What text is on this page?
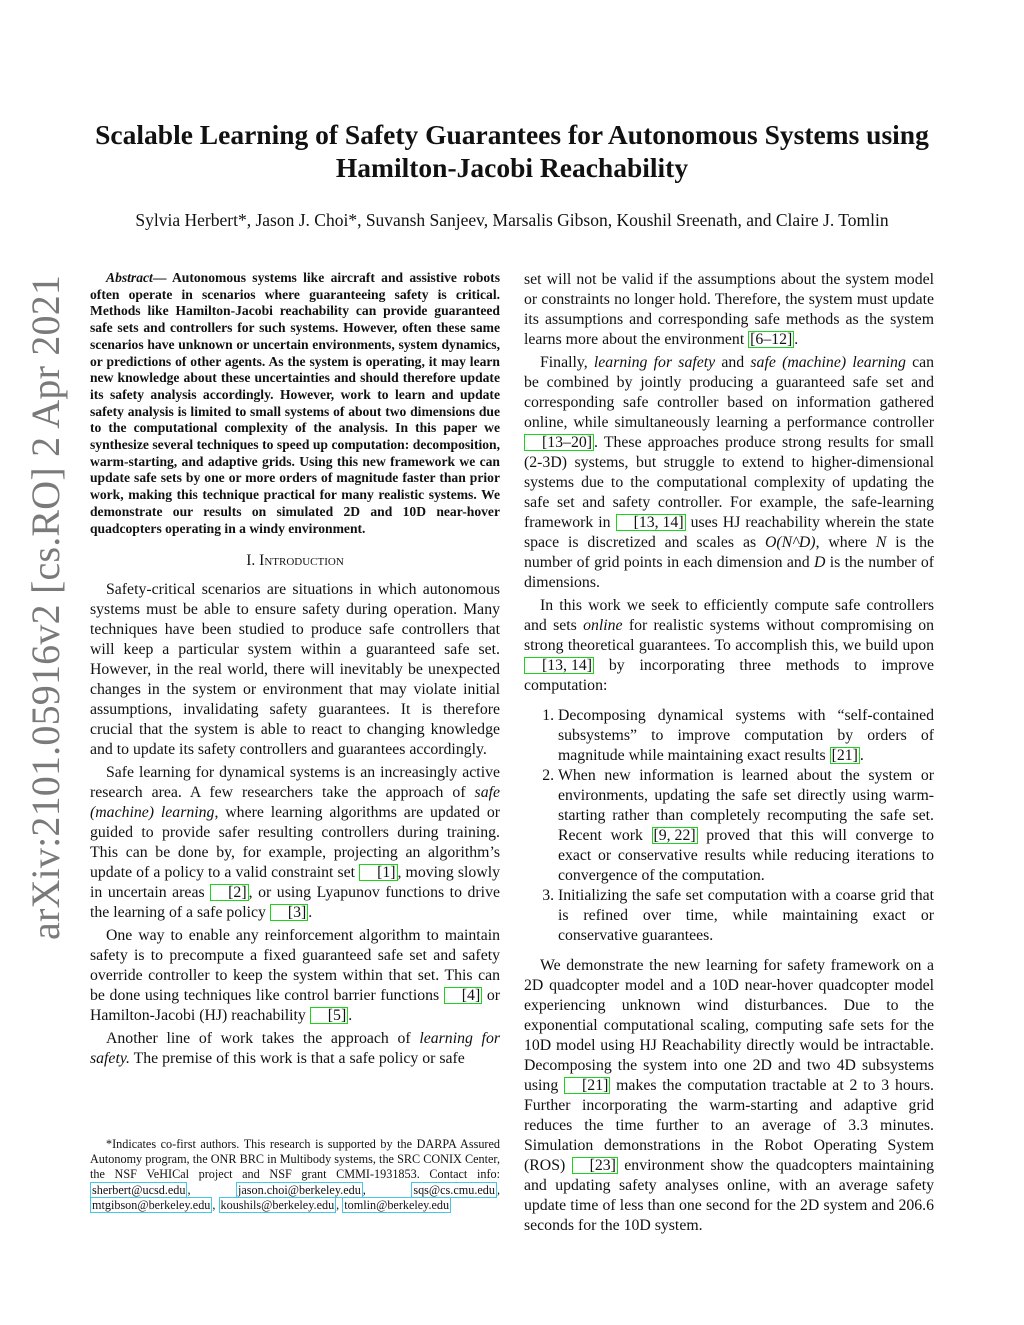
arXiv:2101.05916v2 [cs.RO] 2 Apr 2021
Scalable Learning of Safety Guarantees for Autonomous Systems using
Hamilton-Jacobi Reachability
Sylvia Herbert*, Jason J. Choi*, Suvansh Sanjeev, Marsalis Gibson, Koushil Sreenath, and Claire J. Tomlin

Abstract— Autonomous systems like aircraft and assistive robots often operate in scenarios where guaranteeing safety is critical. Methods like Hamilton-Jacobi reachability can provide guaranteed safe sets and controllers for such systems. However, often these same scenarios have unknown or uncertain environments, system dynamics, or predictions of other agents. As the system is operating, it may learn new knowledge about these uncertainties and should therefore update its safety analysis accordingly. However, work to learn and update safety analysis is limited to small systems of about two dimensions due to the computational complexity of the analysis. In this paper we synthesize several techniques to speed up computation: decomposition, warm-starting, and adaptive grids. Using this new framework we can update safe sets by one or more orders of magnitude faster than prior work, making this technique practical for many realistic systems. We demonstrate our results on simulated 2D and 10D near-hover quadcopters operating in a windy environment.

I. Introduction

Safety-critical scenarios are situations in which autonomous systems must be able to ensure safety during operation. Many techniques have been studied to produce safe controllers that will keep a particular system within a guaranteed safe set. However, in the real world, there will inevitably be unexpected changes in the system or environment that may violate initial assumptions, invalidating safety guarantees. It is therefore crucial that the system is able to react to changing knowledge and to update its safety controllers and guarantees accordingly.

Safe learning for dynamical systems is an increasingly active research area. A few researchers take the approach of safe (machine) learning, where learning algorithms are updated or guided to provide safer resulting controllers during training. This can be done by, for example, projecting an algorithm’s update of a policy to a valid constraint set [1] , moving slowly in uncertain areas [2] , or using Lyapunov functions to drive the learning of a safe policy [3] .

One way to enable any reinforcement algorithm to maintain safety is to precompute a fixed guaranteed safe set and safety override controller to keep the system within that set. This can be done using techniques like control barrier functions [4] or Hamilton-Jacobi (HJ) reachability [5] .

Another line of work takes the approach of learning for safety. The premise of this work is that a safe policy or safe

*Indicates co-first authors. This research is supported by the DARPA Assured Autonomy program, the ONR BRC in Multibody systems, the SRC CONIX Center, the NSF VeHICal project and NSF grant CMMI-1931853. Contact info: sherbert@ucsd.edu , jason.choi@berkeley.edu , sqs@cs.cmu.edu , mtgibson@berkeley.edu , koushils@berkeley.edu , tomlin@berkeley.edu

set will not be valid if the assumptions about the system model or constraints no longer hold. Therefore, the system must update its assumptions and corresponding safe methods as the system learns more about the environment [6–12] .

Finally, learning for safety and safe (machine) learning can be combined by jointly producing a guaranteed safe set and corresponding safe controller based on information gathered online, while simultaneously learning a performance controller [13–20] . These approaches produce strong results for small (2-3D) systems, but struggle to extend to higher-dimensional systems due to the computational complexity of updating the safe set and safety controller. For example, the safe-learning framework in [13, 14] uses HJ reachability wherein the state space is discretized and scales as O(N^D), where N is the number of grid points in each dimension and D is the number of dimensions.

In this work we seek to efficiently compute safe controllers and sets online for realistic systems without compromising on strong theoretical guarantees. To accomplish this, we build upon [13, 14] by incorporating three methods to improve computation:

1. Decomposing dynamical systems with “self-contained subsystems” to improve computation by orders of magnitude while maintaining exact results [21] .
2. When new information is learned about the system or environments, updating the safe set directly using warm-starting rather than completely recomputing the safe set. Recent work [9, 22] proved that this will converge to exact or conservative results while reducing iterations to convergence of the computation.
3. Initializing the safe set computation with a coarse grid that is refined over time, while maintaining exact or conservative guarantees.

We demonstrate the new learning for safety framework on a 2D quadcopter model and a 10D near-hover quadcopter model experiencing unknown wind disturbances. Due to the exponential computational scaling, computing safe sets for the 10D model using HJ Reachability directly would be intractable. Decomposing the system into one 2D and two 4D subsystems using [21] makes the computation tractable at 2 to 3 hours. Further incorporating the warm-starting and adaptive grid reduces the time further to an average of 3.3 minutes. Simulation demonstrations in the Robot Operating System (ROS) [23] environment show the quadcopters maintaining and updating safety analyses online, with an average safety update time of less than one second for the 2D system and 206.6 seconds for the 10D system.
